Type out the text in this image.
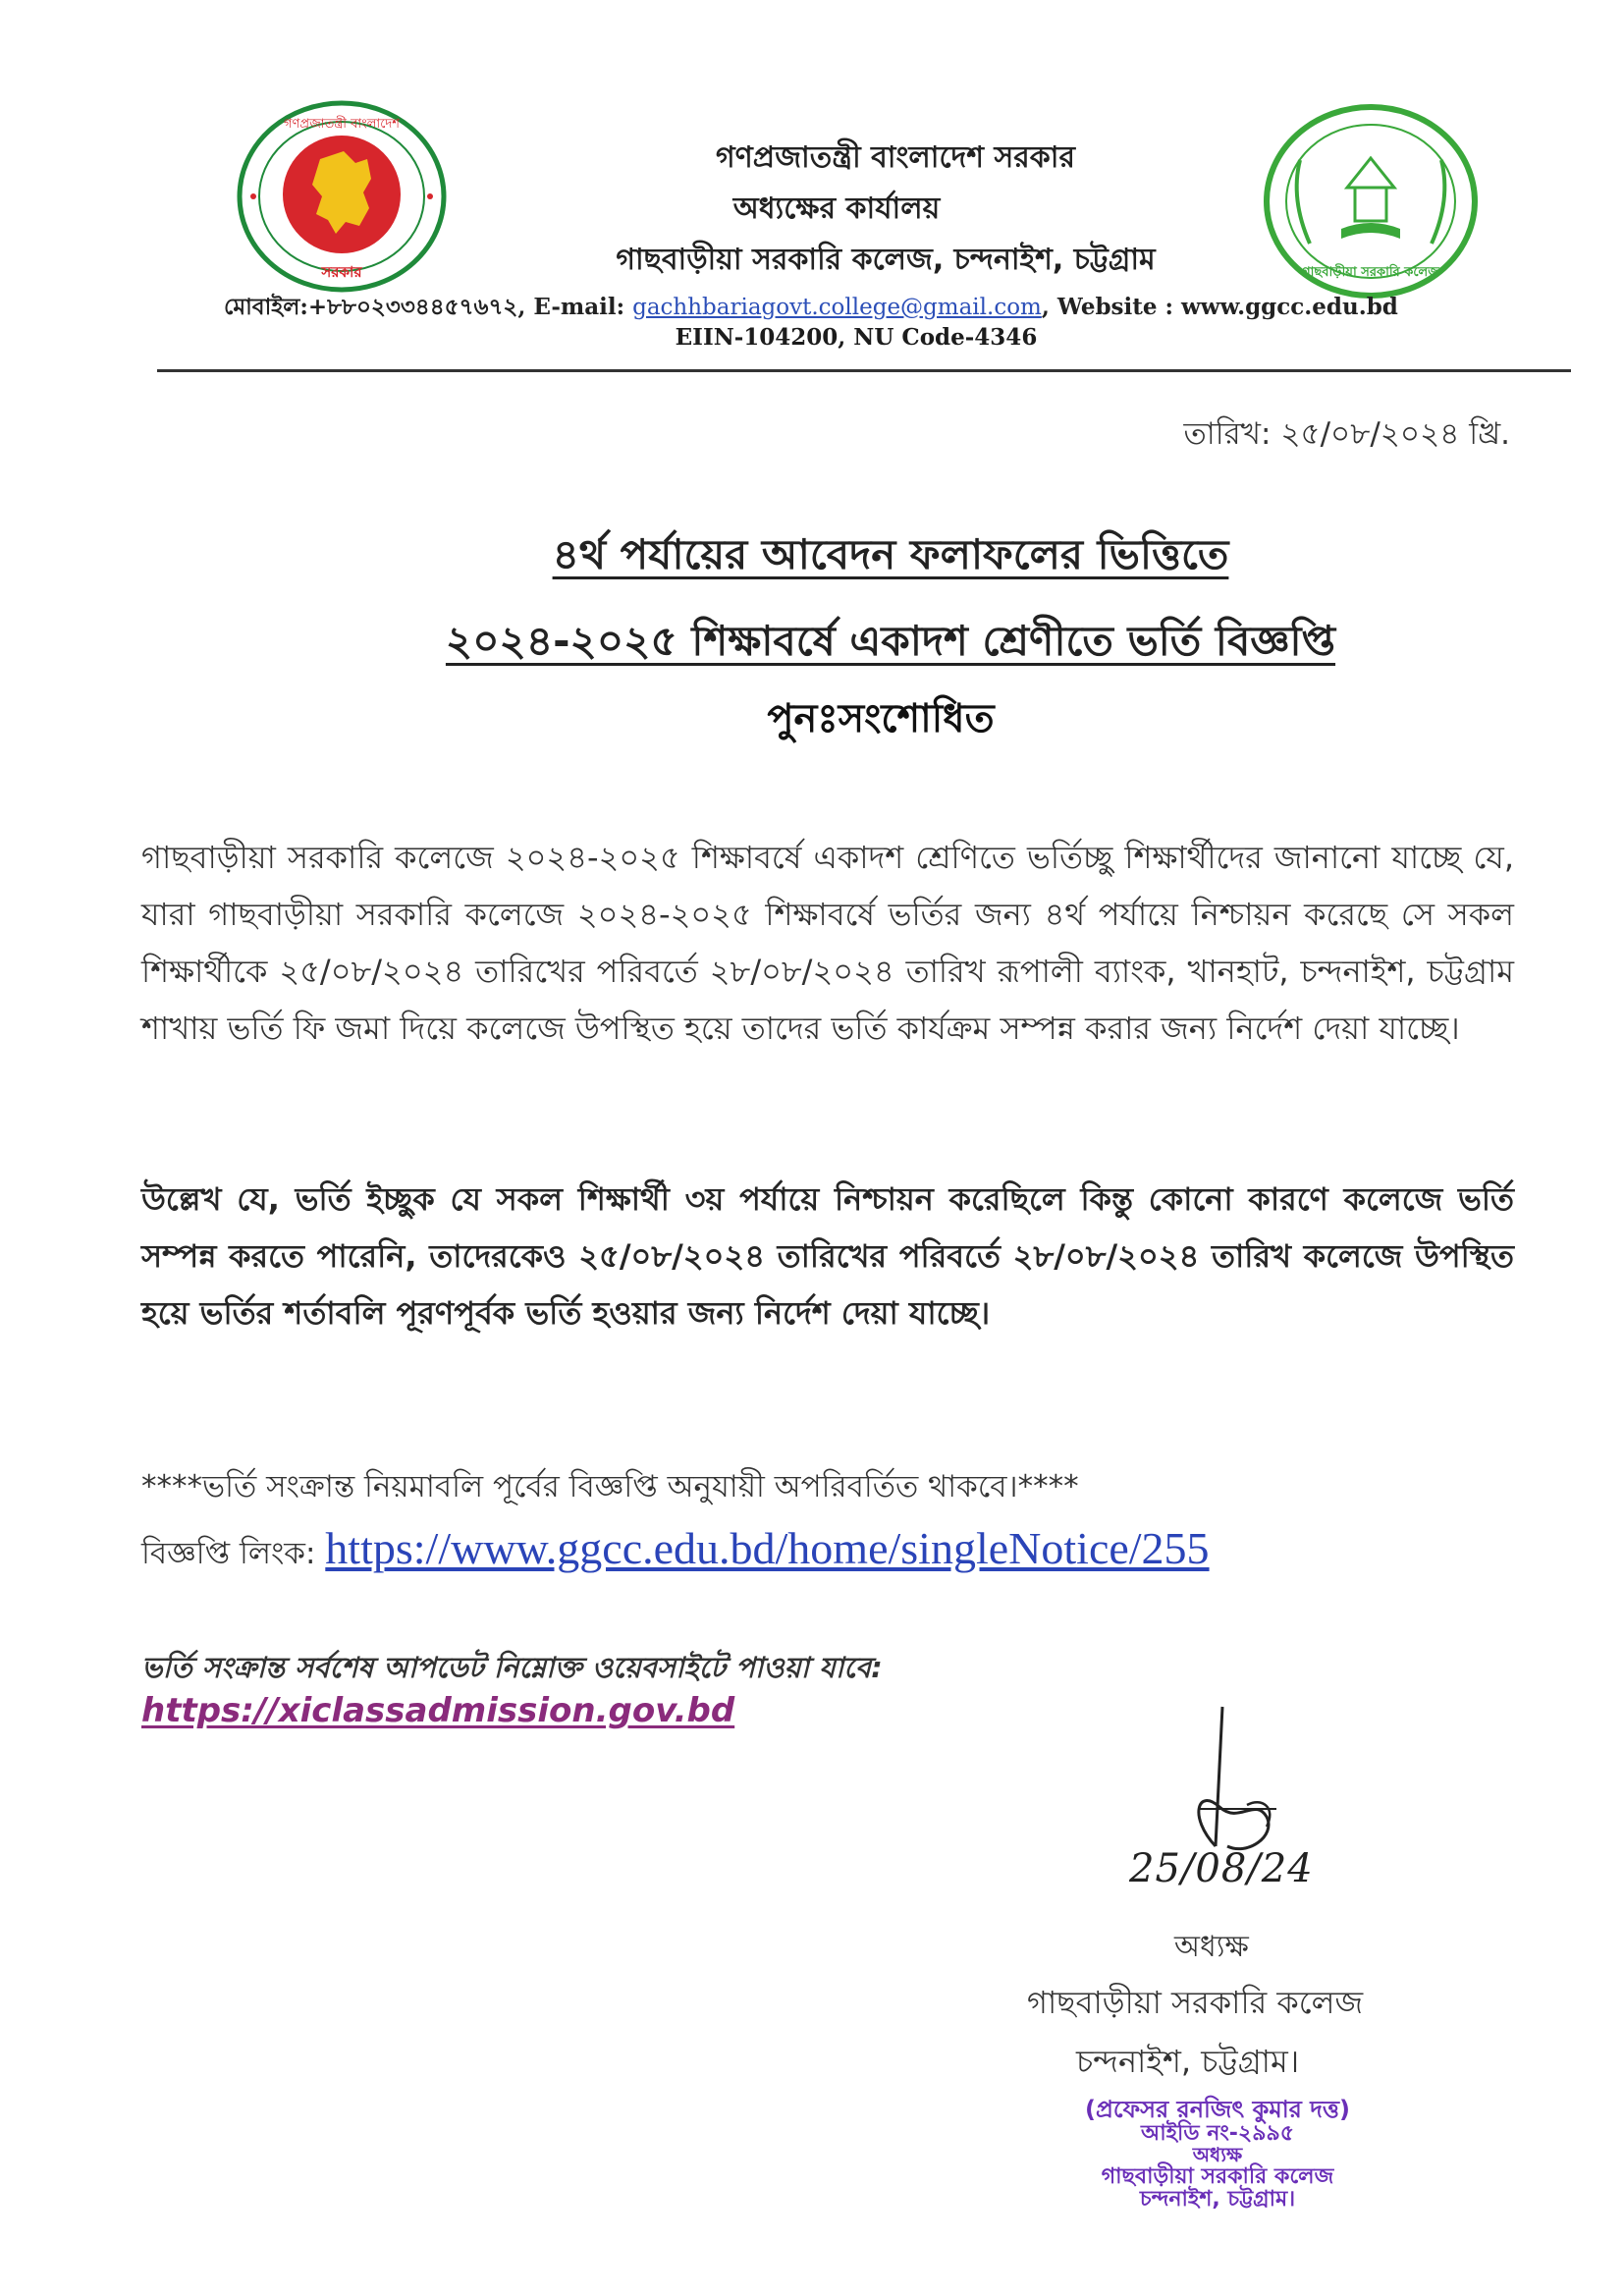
গণপ্রজাতন্ত্রী বাংলাদেশ
সরকার	গাছবাড়ীয়া সরকারি কলেজ
গণপ্রজাতন্ত্রী বাংলাদেশ সরকার
অধ্যক্ষের কার্যালয়
গাছবাড়ীয়া সরকারি কলেজ, চন্দনাইশ, চট্টগ্রাম
মোবাইল:+৮৮০২৩৩৪৪৫৭৬৭২, E-mail: gachhbariagovt.college@gmail.com, Website : www.ggcc.edu.bd
EIIN-104200, NU Code-4346
তারিখ: ২৫/০৮/২০২৪ খ্রি.
৪র্থ পর্যায়ের আবেদন ফলাফলের ভিত্তিতে
২০২৪-২০২৫ শিক্ষাবর্ষে একাদশ শ্রেণীতে ভর্তি বিজ্ঞপ্তি
পুনঃসংশোধিত

গাছবাড়ীয়া সরকারি কলেজে ২০২৪-২০২৫ শিক্ষাবর্ষে একাদশ শ্রেণিতে ভর্তিচ্ছু শিক্ষার্থীদের জানানো যাচ্ছে যে, যারা গাছবাড়ীয়া সরকারি কলেজে ২০২৪-২০২৫ শিক্ষাবর্ষে ভর্তির জন্য ৪র্থ পর্যায়ে নিশ্চায়ন করেছে সে সকল শিক্ষার্থীকে ২৫/০৮/২০২৪ তারিখের পরিবর্তে ২৮/০৮/২০২৪ তারিখ রূপালী ব্যাংক, খানহাট, চন্দনাইশ, চট্টগ্রাম শাখায় ভর্তি ফি জমা দিয়ে কলেজে উপস্থিত হয়ে তাদের ভর্তি কার্যক্রম সম্পন্ন করার জন্য নির্দেশ দেয়া যাচ্ছে।

উল্লেখ যে, ভর্তি ইচ্ছুক যে সকল শিক্ষার্থী ৩য় পর্যায়ে নিশ্চায়ন করেছিলে কিন্তু কোনো কারণে কলেজে ভর্তি সম্পন্ন করতে পারেনি, তাদেরকেও ২৫/০৮/২০২৪ তারিখের পরিবর্তে ২৮/০৮/২০২৪ তারিখ কলেজে উপস্থিত হয়ে ভর্তির শর্তাবলি পূরণপূর্বক ভর্তি হওয়ার জন্য নির্দেশ দেয়া যাচ্ছে।

****ভর্তি সংক্রান্ত নিয়মাবলি পূর্বের বিজ্ঞপ্তি অনুযায়ী অপরিবর্তিত থাকবে।****
বিজ্ঞপ্তি লিংক: https://www.ggcc.edu.bd/home/singleNotice/255
ভর্তি সংক্রান্ত সর্বশেষ আপডেট নিম্নোক্ত ওয়েবসাইটে পাওয়া যাবে:
https://xiclassadmission.gov.bd
25/08/24
অধ্যক্ষ
গাছবাড়ীয়া সরকারি কলেজ
চন্দনাইশ, চট্টগ্রাম।
(প্রফেসর রনজিৎ কুমার দত্ত)
আইডি নং-২৯৯৫
অধ্যক্ষ
গাছবাড়ীয়া সরকারি কলেজ
চন্দনাইশ, চট্টগ্রাম।
